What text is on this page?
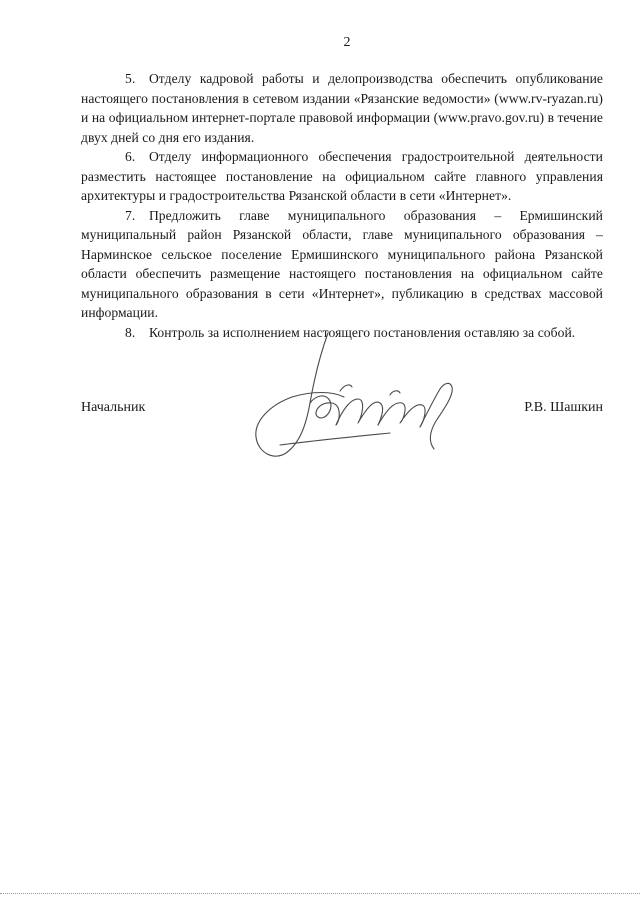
2

5. Отделу кадровой работы и делопроизводства обеспечить опубликование настоящего постановления в сетевом издании «Рязанские ведомости» (www.rv-ryazan.ru) и на официальном интернет-портале правовой информации (www.pravo.gov.ru) в течение двух дней со дня его издания.

6. Отделу информационного обеспечения градостроительной деятельности разместить настоящее постановление на официальном сайте главного управления архитектуры и градостроительства Рязанской области в сети «Интернет».

7. Предложить главе муниципального образования – Ермишинский муниципальный район Рязанской области, главе муниципального образования – Нарминское сельское поселение Ермишинского муниципального района Рязанской области обеспечить размещение настоящего постановления на официальном сайте муниципального образования в сети «Интернет», публикацию в средствах массовой информации.

8. Контроль за исполнением настоящего постановления оставляю за собой.

Начальник	Р.В. Шашкин
